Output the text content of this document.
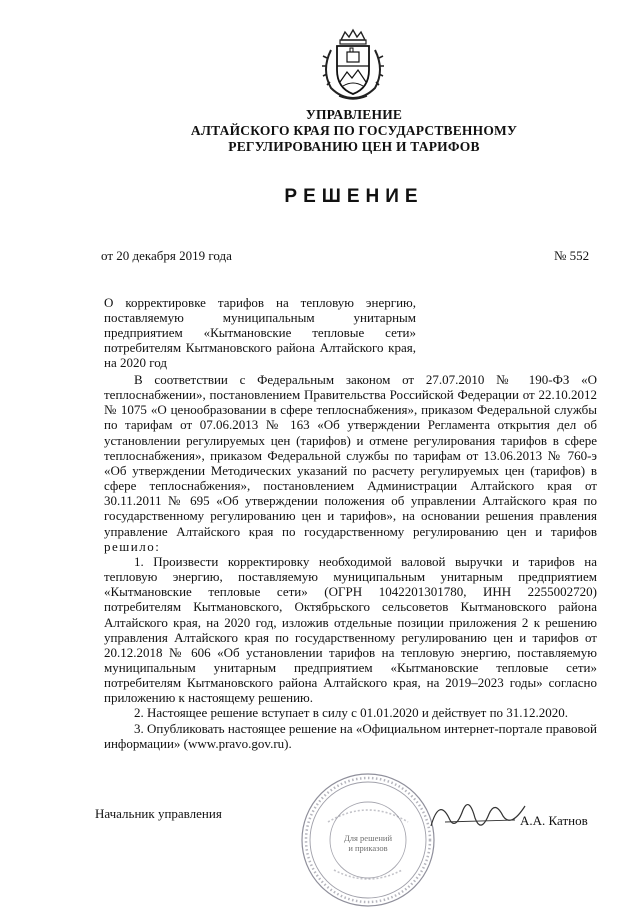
УПРАВЛЕНИЕ
АЛТАЙСКОГО КРАЯ ПО ГОСУДАРСТВЕННОМУ
РЕГУЛИРОВАНИЮ ЦЕН И ТАРИФОВ
РЕШЕНИЕ
от 20 декабря 2019 года	№ 552
О корректировке тарифов на тепловую энергию, поставляемую муниципальным унитарным предприятием «Кытмановские тепловые сети» потребителям Кытмановского района Алтайского края, на 2020 год

В соответствии с Федеральным законом от 27.07.2010 № 190-ФЗ «О теплоснабжении», постановлением Правительства Российской Федерации от 22.10.2012 № 1075 «О ценообразовании в сфере теплоснабжения», приказом Федеральной службы по тарифам от 07.06.2013 № 163 «Об утверждении Регламента открытия дел об установлении регулируемых цен (тарифов) и отмене регулирования тарифов в сфере теплоснабжения», приказом Федеральной службы по тарифам от 13.06.2013 № 760-э «Об утверждении Методических указаний по расчету регулируемых цен (тарифов) в сфере теплоснабжения», постановлением Администрации Алтайского края от 30.11.2011 № 695 «Об утверждении положения об управлении Алтайского края по государственному регулированию цен и тарифов», на основании решения правления управление Алтайского края по государственному регулированию цен и тарифов решило:

1. Произвести корректировку необходимой валовой выручки и тарифов на тепловую энергию, поставляемую муниципальным унитарным предприятием «Кытмановские тепловые сети» (ОГРН 1042201301780, ИНН 2255002720) потребителям Кытмановского, Октябрьского сельсоветов Кытмановского района Алтайского края, на 2020 год, изложив отдельные позиции приложения 2 к решению управления Алтайского края по государственному регулированию цен и тарифов от 20.12.2018 № 606 «Об установлении тарифов на тепловую энергию, поставляемую муниципальным унитарным предприятием «Кытмановские тепловые сети» потребителям Кытмановского района Алтайского края, на 2019–2023 годы» согласно приложению к настоящему решению.

2. Настоящее решение вступает в силу с 01.01.2020 и действует по 31.12.2020.

3. Опубликовать настоящее решение на «Официальном интернет-портале правовой информации» (www.pravo.gov.ru).

Начальник управления
Для решений
и приказов
А.А. Катнов
